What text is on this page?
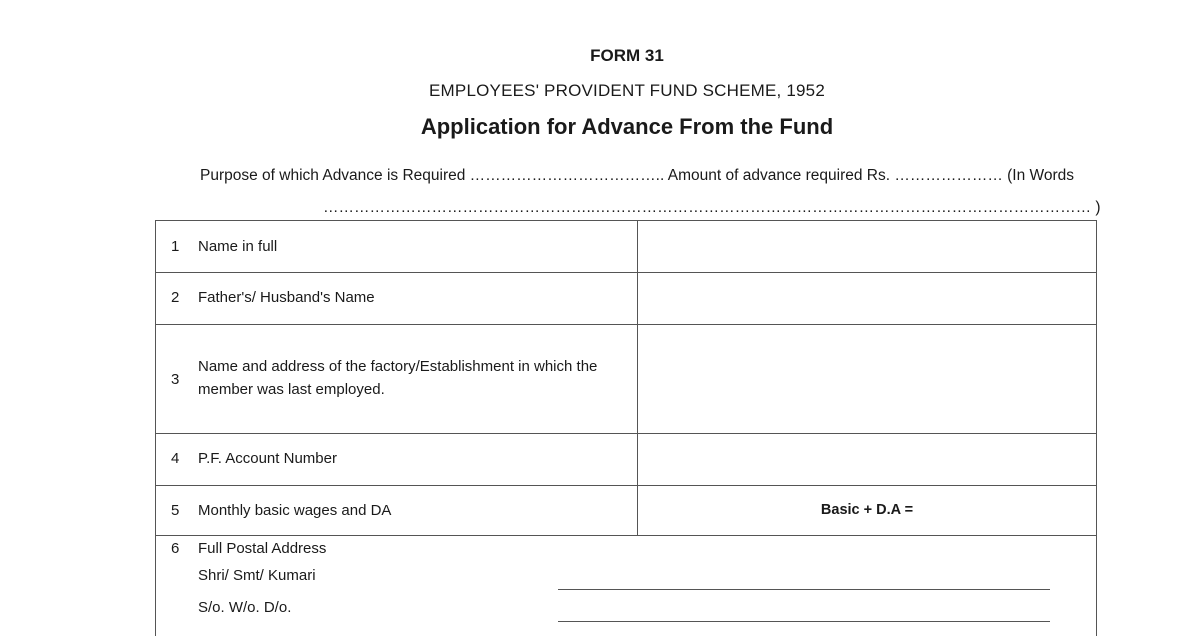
FORM 31
EMPLOYEES' PROVIDENT FUND SCHEME, 1952
Application for Advance From the Fund
Purpose of which Advance is Required ……………………………….. Amount of advance required Rs. ………………… (In Words
……………………………………………..…………………………………………………………………………………… )
1 Name in full
2 Father's/ Husband's Name
3
Name and address of the factory/Establishment in which the member was last employed.
4 P.F. Account Number
5 Monthly basic wages and DA	Basic + D.A =
6 Full Postal Address
Shri/ Smt/ Kumari
S/o. W/o. D/o.
